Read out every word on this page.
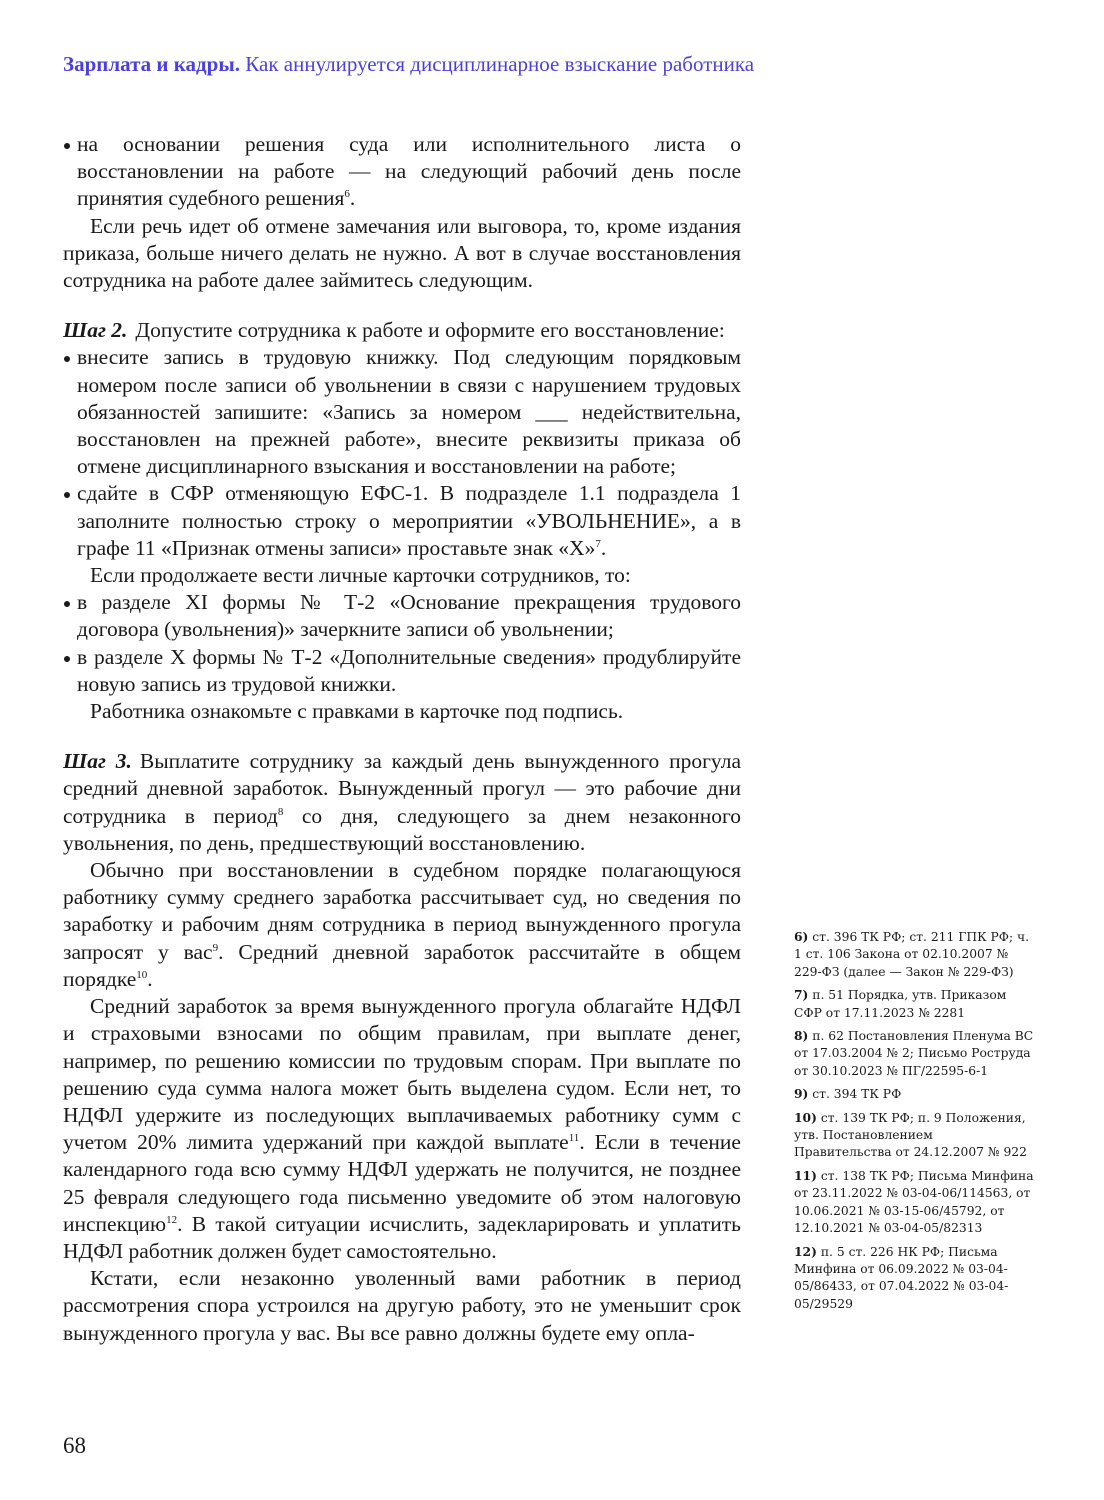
Зарплата и кадры. Как аннулируется дисциплинарное взыскание работника

на основании решения суда или исполнительного листа о восстановлении на работе — на следующий рабочий день после принятия судебного решения$^6$.

Если речь идет об отмене замечания или выговора, то, кроме издания приказа, больше ничего делать не нужно. А вот в случае восстановления сотрудника на работе далее займитесь следующим.

Шаг 2. Допустите сотрудника к работе и оформите его восстановление:

внесите запись в трудовую книжку. Под следующим порядковым номером после записи об увольнении в связи с нарушением трудовых обязанностей запишите: «Запись за номером ___ недействительна, восстановлен на прежней работе», внесите реквизиты приказа об отмене дисциплинарного взыскания и восстановлении на работе;

сдайте в СФР отменяющую ЕФС-1. В подразделе 1.1 подраздела 1 заполните полностью строку о мероприятии «УВОЛЬНЕНИЕ», а в графе 11 «Признак отмены записи» проставьте знак «Х»$^7$.

Если продолжаете вести личные карточки сотрудников, то:

в разделе XI формы № Т-2 «Основание прекращения трудового договора (увольнения)» зачеркните записи об увольнении;

в разделе X формы № Т-2 «Дополнительные сведения» продублируйте новую запись из трудовой книжки.

Работника ознакомьте с правками в карточке под подпись.

Шаг 3. Выплатите сотруднику за каждый день вынужденного прогула средний дневной заработок. Вынужденный прогул — это рабочие дни сотрудника в период$^8$ со дня, следующего за днем незаконного увольнения, по день, предшествующий восстановлению.

Обычно при восстановлении в судебном порядке полагающуюся работнику сумму среднего заработка рассчитывает суд, но сведения по заработку и рабочим дням сотрудника в период вынужденного прогула запросят у вас$^9$. Средний дневной заработок рассчитайте в общем порядке$^{10}$.

Средний заработок за время вынужденного прогула облагайте НДФЛ и страховыми взносами по общим правилам, при выплате денег, например, по решению комиссии по трудовым спорам. При выплате по решению суда сумма налога может быть выделена судом. Если нет, то НДФЛ удержите из последующих выплачиваемых работнику сумм с учетом 20% лимита удержаний при каждой выплате$^{11}$. Если в течение календарного года всю сумму НДФЛ удержать не получится, не позднее 25 февраля следующего года письменно уведомите об этом налоговую инспекцию$^{12}$. В такой ситуации исчислить, задекларировать и уплатить НДФЛ работник должен будет самостоятельно.

Кстати, если незаконно уволенный вами работник в период рассмотрения спора устроился на другую работу, это не уменьшит срок вынужденного прогула у вас. Вы все равно должны будете ему опла-

6) ст. 396 ТК РФ; ст. 211 ГПК РФ; ч. 1 ст. 106 Закона от 02.10.2007 № 229-ФЗ (далее — Закон № 229-ФЗ)
7) п. 51 Порядка, утв. Приказом СФР от 17.11.2023 № 2281
8) п. 62 Постановления Пленума ВС от 17.03.2004 № 2; Письмо Роструда от 30.10.2023 № ПГ/22595-6-1
9) ст. 394 ТК РФ
10) ст. 139 ТК РФ; п. 9 Положения, утв. Постановлением Правительства от 24.12.2007 № 922
11) ст. 138 ТК РФ; Письма Минфина от 23.11.2022 № 03-04-06/114563, от 10.06.2021 № 03-15-06/45792, от 12.10.2021 № 03-04-05/82313
12) п. 5 ст. 226 НК РФ; Письма Минфина от 06.09.2022 № 03-04-05/86433, от 07.04.2022 № 03-04-05/29529
68
